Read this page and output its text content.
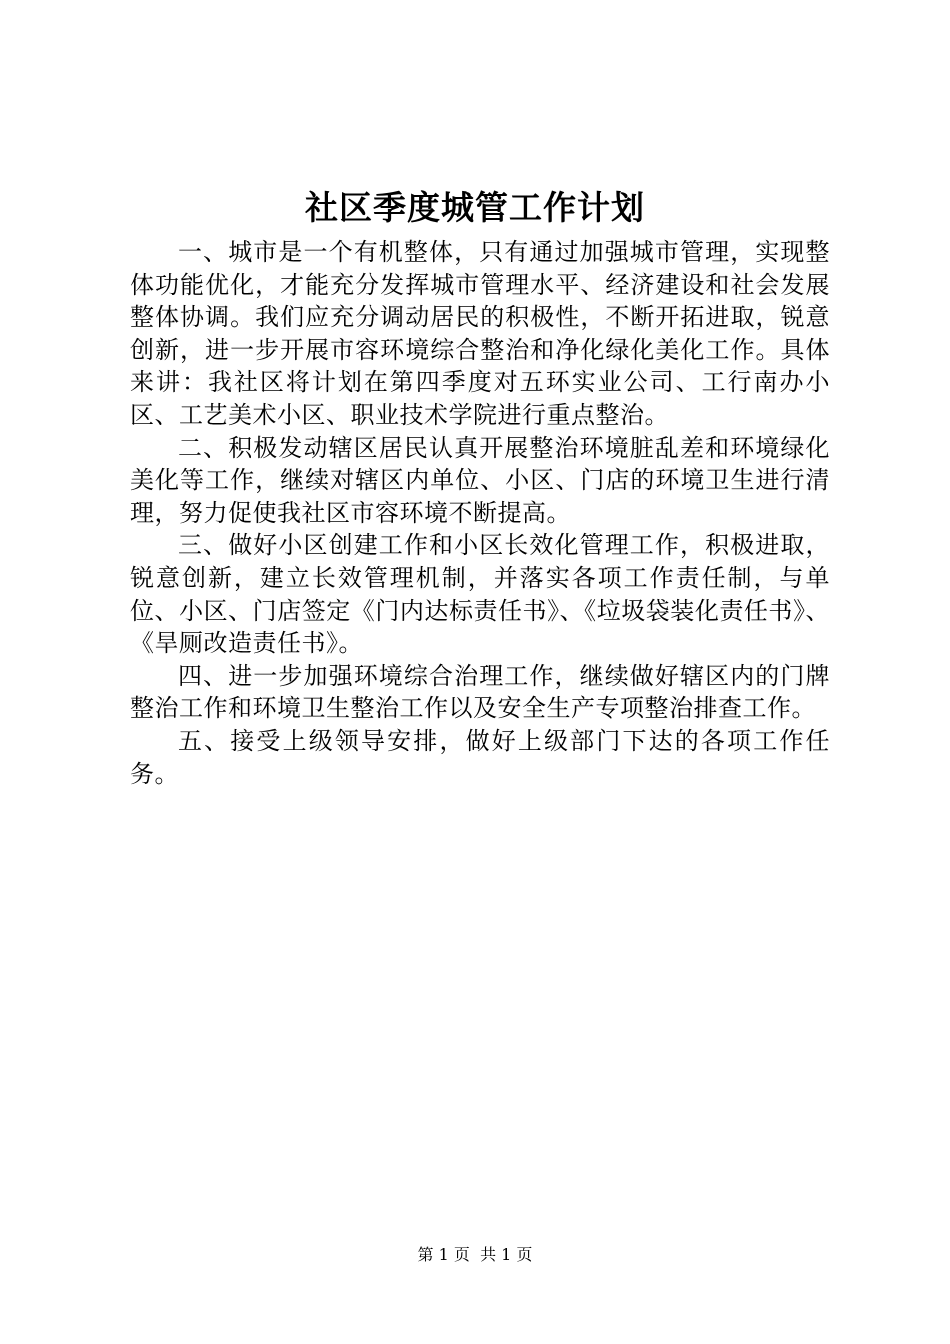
社区季度城管工作计划

一、城市是一个有机整体，只有通过加强城市管理，实现整体功能优化，才能充分发挥城市管理水平、经济建设和社会发展整体协调。我们应充分调动居民的积极性，不断开拓进取，锐意创新，进一步开展市容环境综合整治和净化绿化美化工作。具体来讲：我社区将计划在第四季度对五环实业公司、工行南办小区、工艺美术小区、职业技术学院进行重点整治。

二、积极发动辖区居民认真开展整治环境脏乱差和环境绿化美化等工作，继续对辖区内单位、小区、门店的环境卫生进行清理，努力促使我社区市容环境不断提高。

三、做好小区创建工作和小区长效化管理工作，积极进取，锐意创新，建立长效管理机制，并落实各项工作责任制，与单位、小区、门店签定《门内达标责任书》、《垃圾袋装化责任书》、《旱厕改造责任书》。

四、进一步加强环境综合治理工作，继续做好辖区内的门牌整治工作和环境卫生整治工作以及安全生产专项整治排查工作。

五、接受上级领导安排，做好上级部门下达的各项工作任务。

第 1 页 共 1 页
